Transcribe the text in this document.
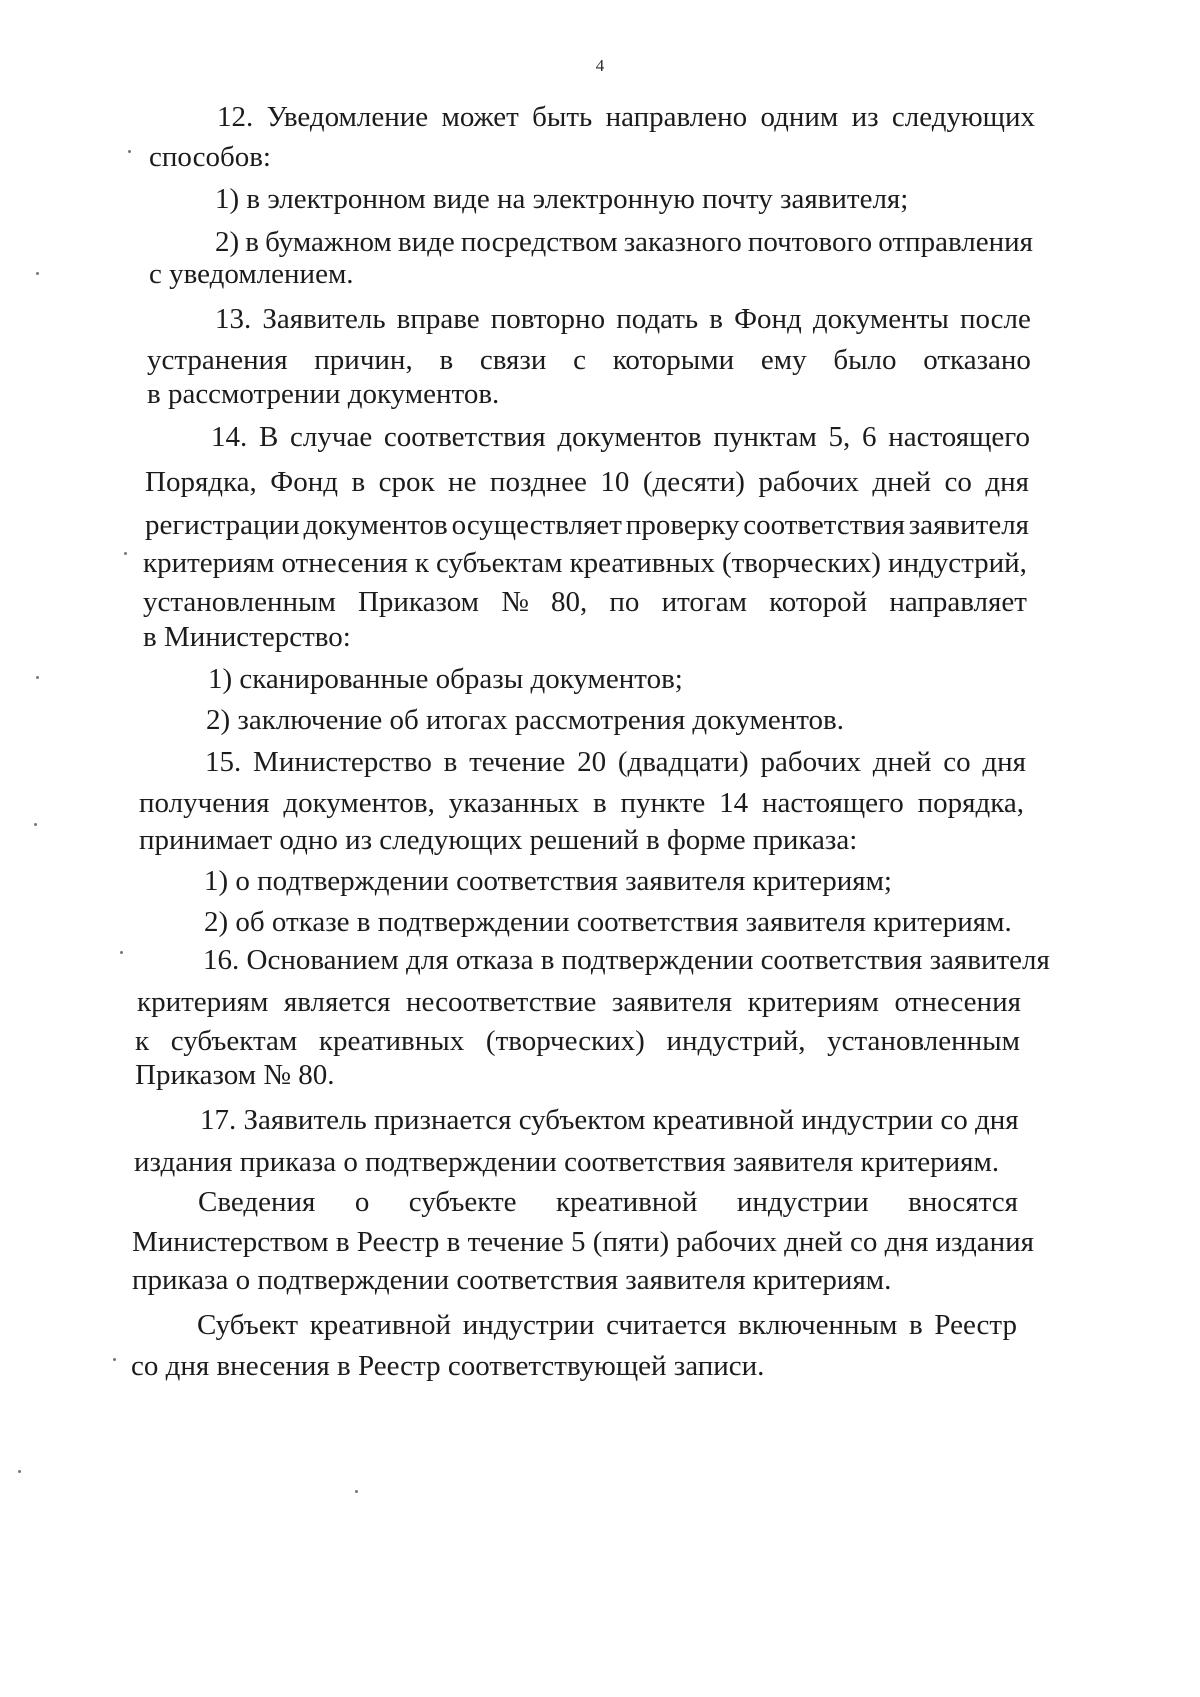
4
12. Уведомление может быть направлено одним из следующих
способов:
1) в электронном виде на электронную почту заявителя;
2) в бумажном виде посредством заказного почтового отправления
с уведомлением.
13. Заявитель вправе повторно подать в Фонд документы после
устранения причин, в связи с которыми ему было отказано
в рассмотрении документов.
14. В случае соответствия документов пунктам 5, 6 настоящего
Порядка, Фонд в срок не позднее 10 (десяти) рабочих дней со дня
регистрации документов осуществляет проверку соответствия заявителя
критериям отнесения к субъектам креативных (творческих) индустрий,
установленным Приказом № 80, по итогам которой направляет
в Министерство:
1) сканированные образы документов;
2) заключение об итогах рассмотрения документов.
15. Министерство в течение 20 (двадцати) рабочих дней со дня
получения документов, указанных в пункте 14 настоящего порядка,
принимает одно из следующих решений в форме приказа:
1) о подтверждении соответствия заявителя критериям;
2) об отказе в подтверждении соответствия заявителя критериям.
16. Основанием для отказа в подтверждении соответствия заявителя
критериям является несоответствие заявителя критериям отнесения
к субъектам креативных (творческих) индустрий, установленным
Приказом № 80.
17. Заявитель признается субъектом креативной индустрии со дня
издания приказа о подтверждении соответствия заявителя критериям.
Сведения о субъекте креативной индустрии вносятся
Министерством в Реестр в течение 5 (пяти) рабочих дней со дня издания
приказа о подтверждении соответствия заявителя критериям.
Субъект креативной индустрии считается включенным в Реестр
со дня внесения в Реестр соответствующей записи.
